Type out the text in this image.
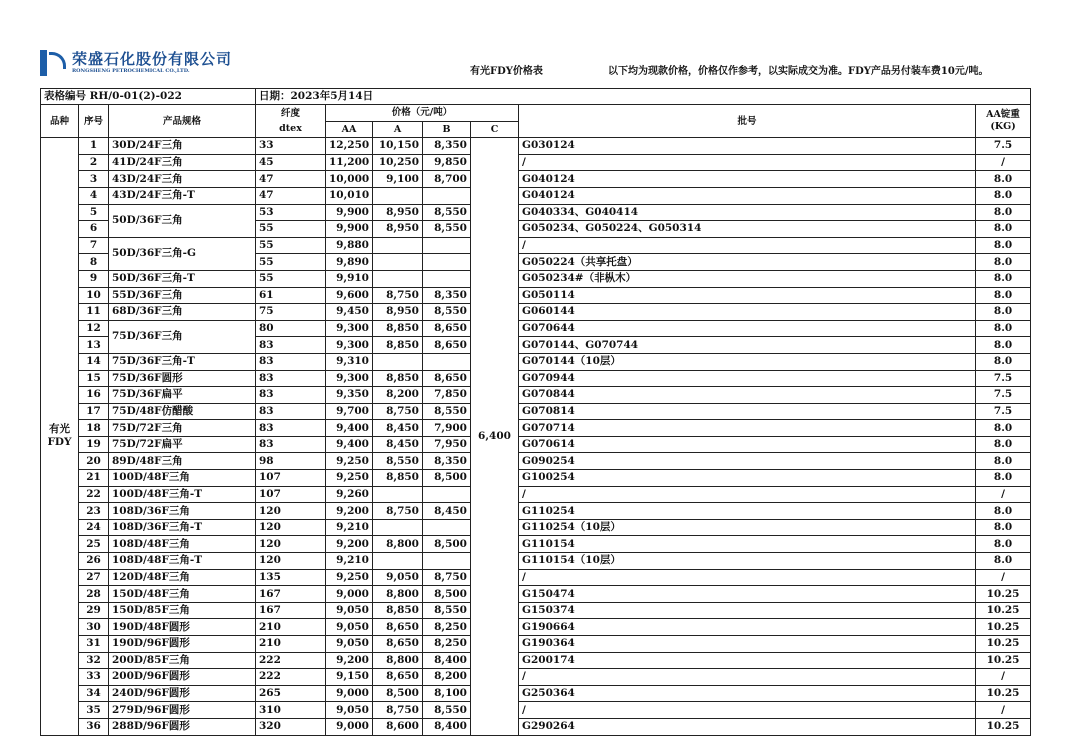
荣盛石化股份有限公司
RONGSHENG PETROCHEMICAL CO.,LTD.	有光FDY价格表	以下均为现款价格，价格仅作参考，以实际成交为准。FDY产品另付装车费10元/吨。
表格编号 RH/0-01(2)-022			日期：2023年5月14日						
品种	序号	产品规格	纤度
dtex	价格（元/吨）				批号	AA锭重
(KG)
				AA	A	B	C		
有光
FDY	1	30D/24F三角	33	12,250	10,150	8,350	6,400	G030124	7.5
	2	41D/24F三角	45	11,200	10,250	9,850		/	/
	3	43D/24F三角	47	10,000	9,100	8,700		G040124	8.0
	4	43D/24F三角-T	47	10,010				G040124	8.0
	5	50D/36F三角	53	9,900	8,950	8,550		G040334、G040414	8.0
	6		55	9,900	8,950	8,550		G050234、G050224、G050314	8.0
	7	50D/36F三角-G	55	9,880				/	8.0
	8		55	9,890				G050224（共享托盘）	8.0
	9	50D/36F三角-T	55	9,910				G050234#（非枞木）	8.0
	10	55D/36F三角	61	9,600	8,750	8,350		G050114	8.0
	11	68D/36F三角	75	9,450	8,950	8,550		G060144	8.0
	12	75D/36F三角	80	9,300	8,850	8,650		G070644	8.0
	13		83	9,300	8,850	8,650		G070144、G070744	8.0
	14	75D/36F三角-T	83	9,310				G070144（10层）	8.0
	15	75D/36F圆形	83	9,300	8,850	8,650		G070944	7.5
	16	75D/36F扁平	83	9,350	8,200	7,850		G070844	7.5
	17	75D/48F仿醋酸	83	9,700	8,750	8,550		G070814	7.5
	18	75D/72F三角	83	9,400	8,450	7,900		G070714	8.0
	19	75D/72F扁平	83	9,400	8,450	7,950		G070614	8.0
	20	89D/48F三角	98	9,250	8,550	8,350		G090254	8.0
	21	100D/48F三角	107	9,250	8,850	8,500		G100254	8.0
	22	100D/48F三角-T	107	9,260				/	/
	23	108D/36F三角	120	9,200	8,750	8,450		G110254	8.0
	24	108D/36F三角-T	120	9,210				G110254（10层）	8.0
	25	108D/48F三角	120	9,200	8,800	8,500		G110154	8.0
	26	108D/48F三角-T	120	9,210				G110154（10层）	8.0
	27	120D/48F三角	135	9,250	9,050	8,750		/	/
	28	150D/48F三角	167	9,000	8,800	8,500		G150474	10.25
	29	150D/85F三角	167	9,050	8,850	8,550		G150374	10.25
	30	190D/48F圆形	210	9,050	8,650	8,250		G190664	10.25
	31	190D/96F圆形	210	9,050	8,650	8,250		G190364	10.25
	32	200D/85F三角	222	9,200	8,800	8,400		G200174	10.25
	33	200D/96F圆形	222	9,150	8,650	8,200		/	/
	34	240D/96F圆形	265	9,000	8,500	8,100		G250364	10.25
	35	279D/96F圆形	310	9,050	8,750	8,550		/	/
	36	288D/96F圆形	320	9,000	8,600	8,400		G290264	10.25
